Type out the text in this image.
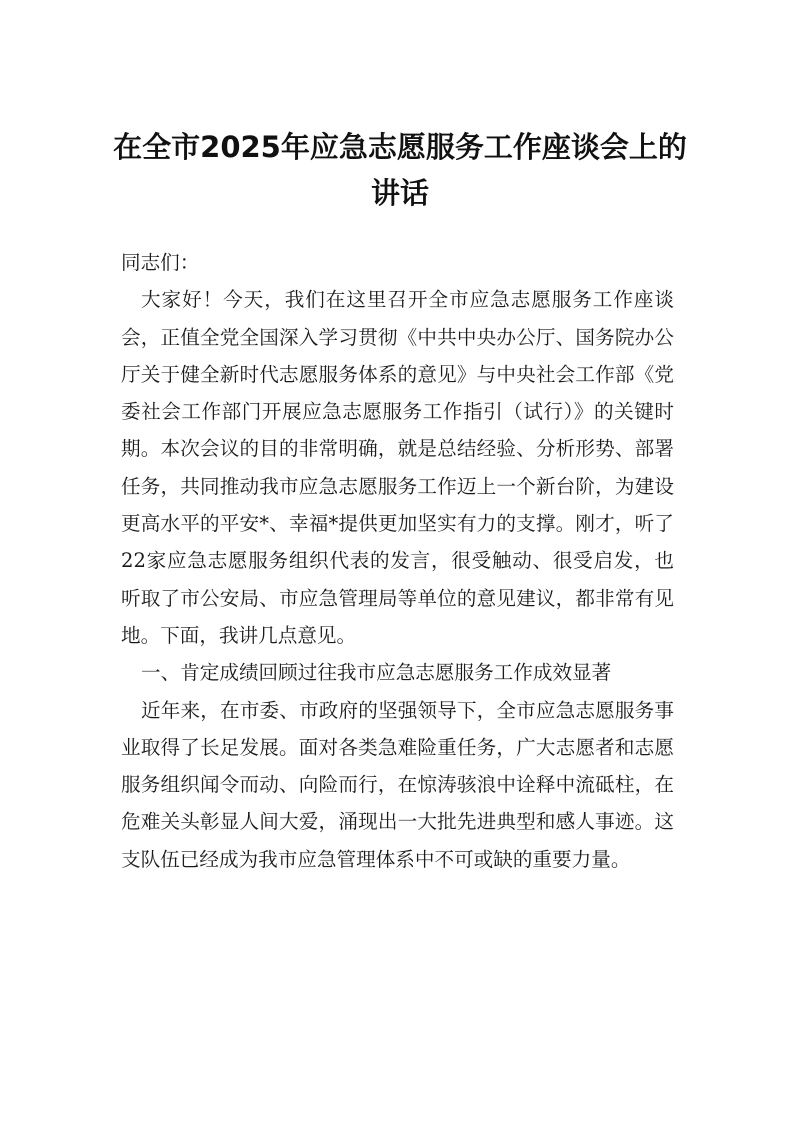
在全市2025年应急志愿服务工作座谈会上的讲话

同志们：

大家好！今天，我们在这里召开全市应急志愿服务工作座谈会，正值全党全国深入学习贯彻《中共中央办公厅、国务院办公厅关于健全新时代志愿服务体系的意见》与中央社会工作部《党委社会工作部门开展应急志愿服务工作指引（试行）》的关键时期。本次会议的目的非常明确，就是总结经验、分析形势、部署任务，共同推动我市应急志愿服务工作迈上一个新台阶，为建设更高水平的平安*、幸福*提供更加坚实有力的支撑。刚才，听了22家应急志愿服务组织代表的发言，很受触动、很受启发，也听取了市公安局、市应急管理局等单位的意见建议，都非常有见地。下面，我讲几点意见。

一、肯定成绩回顾过往我市应急志愿服务工作成效显著

近年来，在市委、市政府的坚强领导下，全市应急志愿服务事业取得了长足发展。面对各类急难险重任务，广大志愿者和志愿服务组织闻令而动、向险而行，在惊涛骇浪中诠释中流砥柱，在危难关头彰显人间大爱，涌现出一大批先进典型和感人事迹。这支队伍已经成为我市应急管理体系中不可或缺的重要力量。
